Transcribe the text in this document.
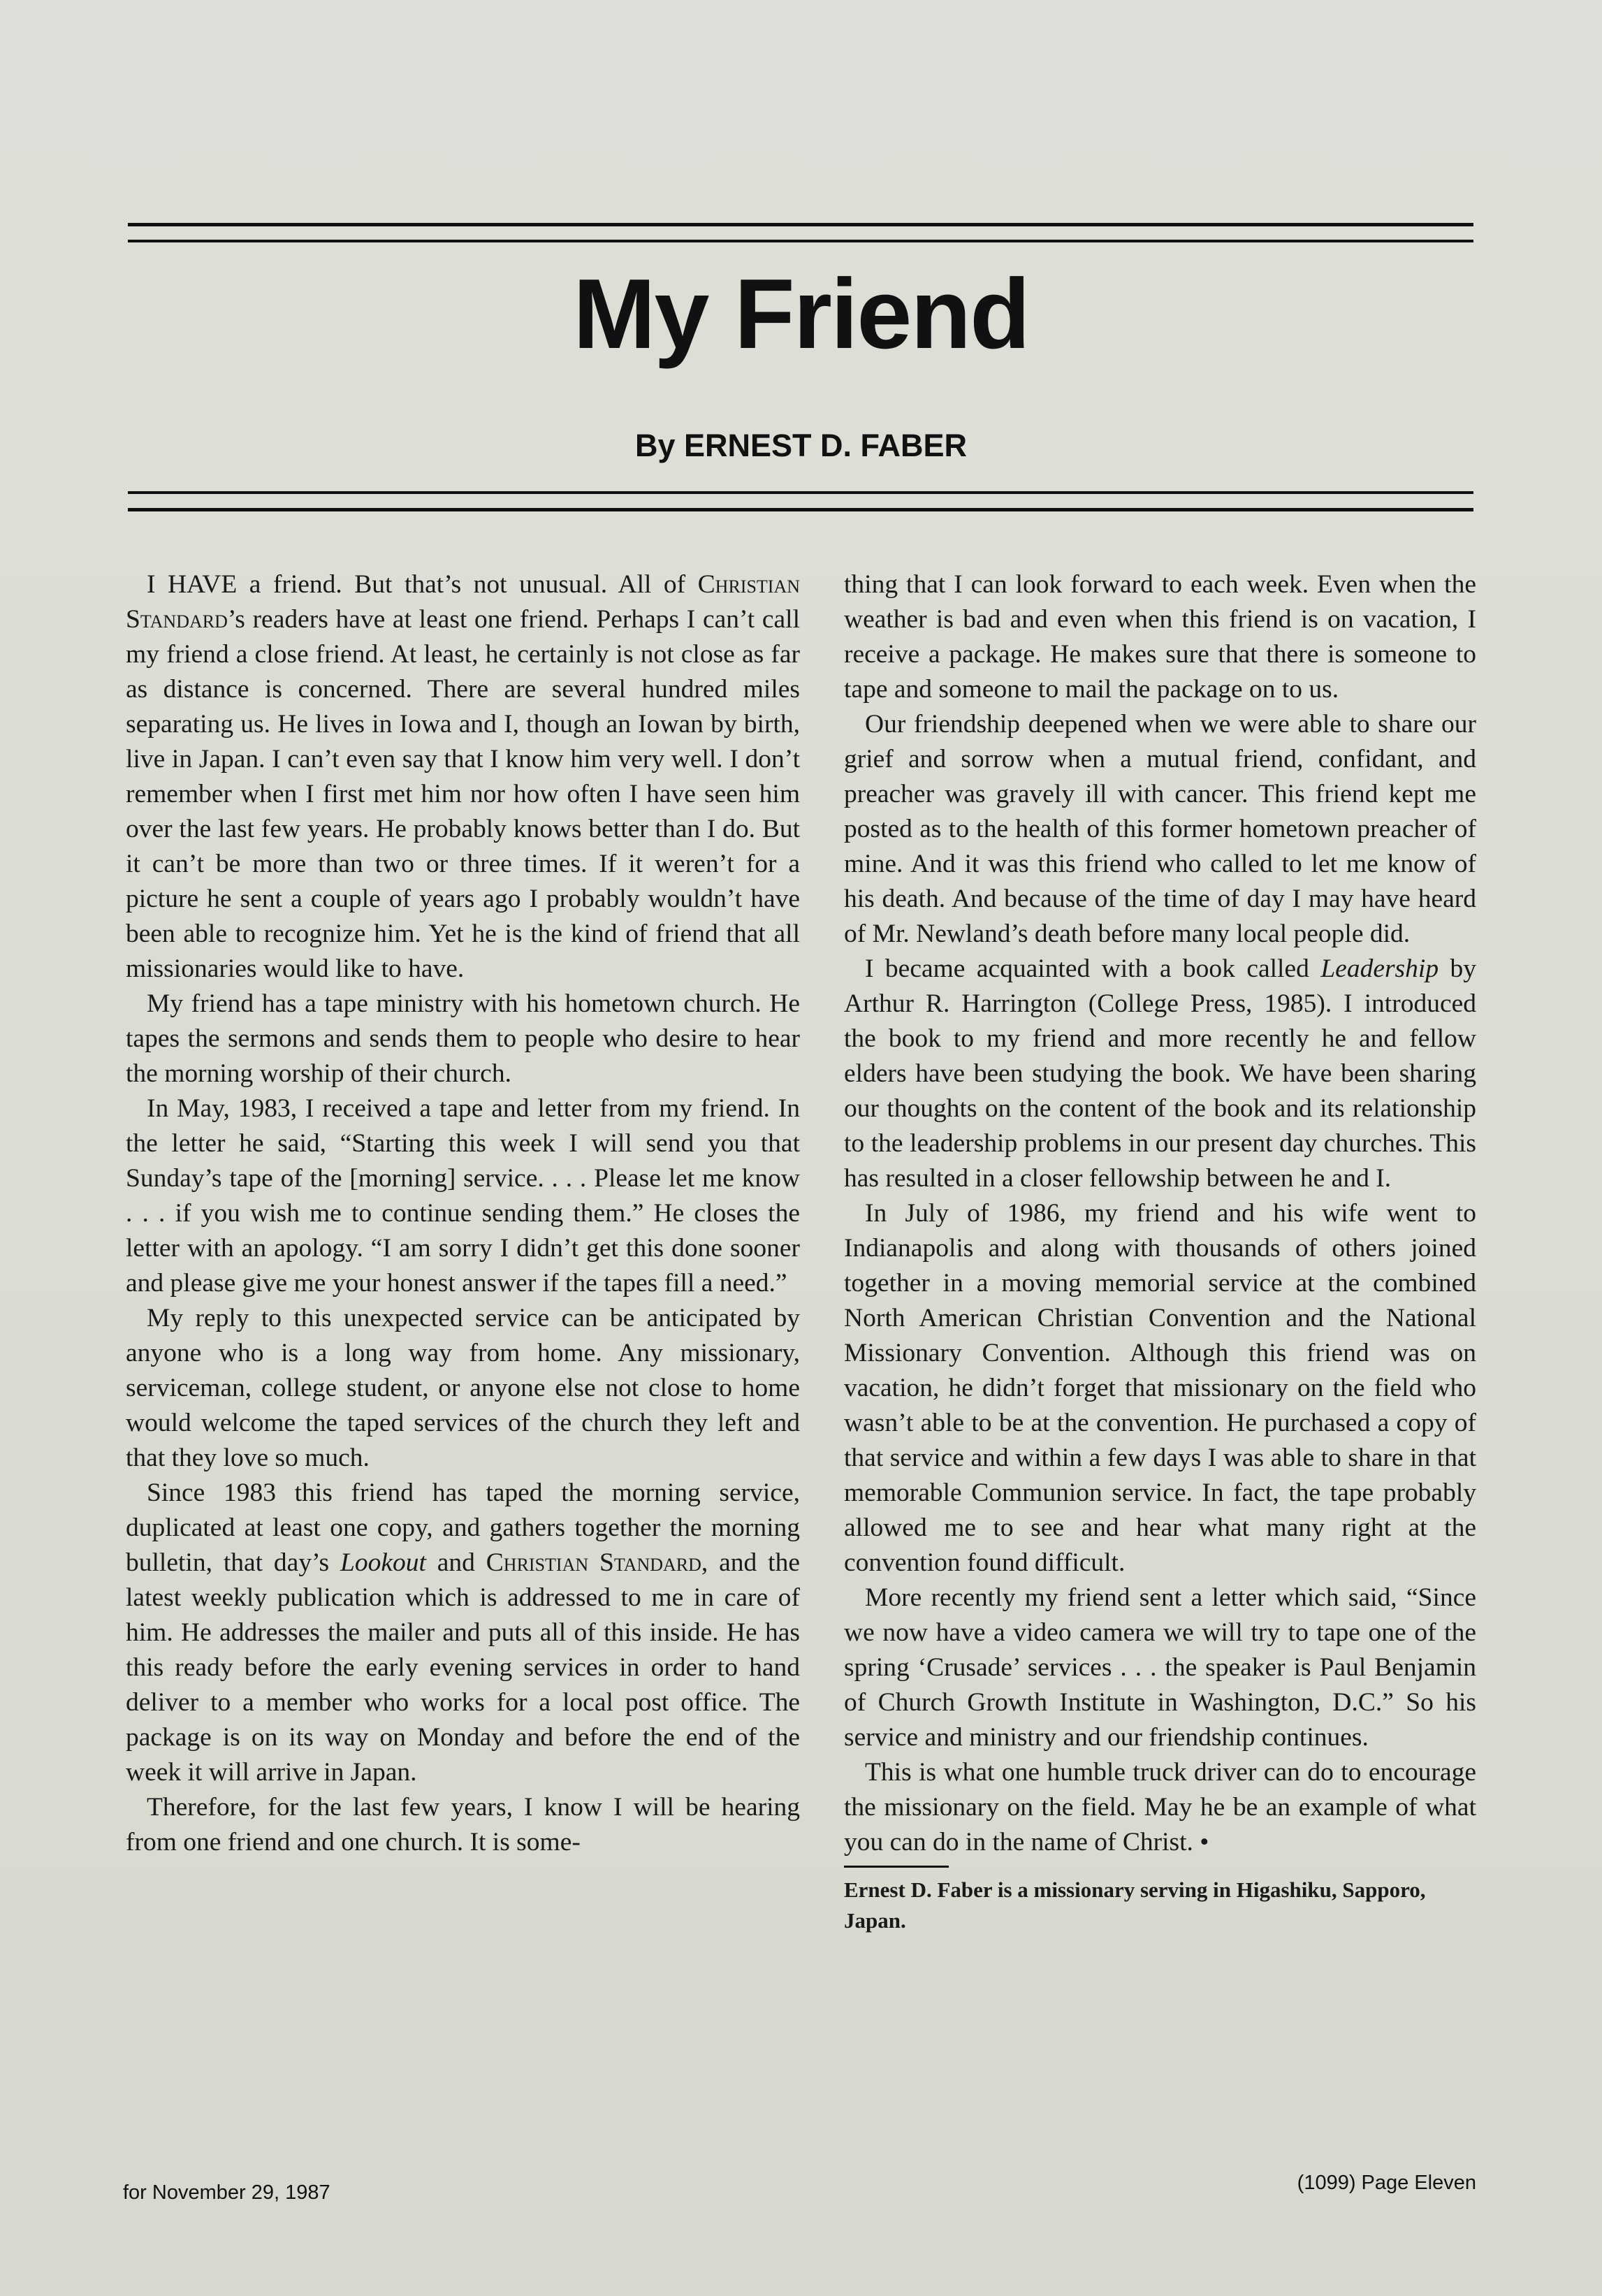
My Friend
By ERNEST D. FABER

I HAVE a friend. But that’s not unusual. All of Christian Standard’s readers have at least one friend. Perhaps I can’t call my friend a close friend. At least, he certainly is not close as far as distance is concerned. There are several hundred miles separating us. He lives in Iowa and I, though an Iowan by birth, live in Japan. I can’t even say that I know him very well. I don’t remember when I first met him nor how often I have seen him over the last few years. He probably knows better than I do. But it can’t be more than two or three times. If it weren’t for a picture he sent a couple of years ago I probably wouldn’t have been able to recognize him. Yet he is the kind of friend that all missionaries would like to have.

My friend has a tape ministry with his hometown church. He tapes the sermons and sends them to people who desire to hear the morning worship of their church.

In May, 1983, I received a tape and letter from my friend. In the letter he said, “Starting this week I will send you that Sunday’s tape of the [morning] service. . . . Please let me know . . . if you wish me to continue sending them.” He closes the letter with an apology. “I am sorry I didn’t get this done sooner and please give me your honest answer if the tapes fill a need.”

My reply to this unexpected service can be anticipated by anyone who is a long way from home. Any missionary, serviceman, college student, or anyone else not close to home would welcome the taped services of the church they left and that they love so much.

Since 1983 this friend has taped the morning service, duplicated at least one copy, and gathers together the morning bulletin, that day’s Lookout and Christian Standard, and the latest weekly publication which is addressed to me in care of him. He addresses the mailer and puts all of this inside. He has this ready before the early evening services in order to hand deliver to a member who works for a local post office. The package is on its way on Monday and before the end of the week it will arrive in Japan.

Therefore, for the last few years, I know I will be hearing from one friend and one church. It is some-

thing that I can look forward to each week. Even when the weather is bad and even when this friend is on vacation, I receive a package. He makes sure that there is someone to tape and someone to mail the package on to us.

Our friendship deepened when we were able to share our grief and sorrow when a mutual friend, confidant, and preacher was gravely ill with cancer. This friend kept me posted as to the health of this former hometown preacher of mine. And it was this friend who called to let me know of his death. And because of the time of day I may have heard of Mr. Newland’s death before many local people did.

I became acquainted with a book called Leadership by Arthur R. Harrington (College Press, 1985). I introduced the book to my friend and more recently he and fellow elders have been studying the book. We have been sharing our thoughts on the content of the book and its relationship to the leadership problems in our present day churches. This has resulted in a closer fellowship between he and I.

In July of 1986, my friend and his wife went to Indianapolis and along with thousands of others joined together in a moving memorial service at the combined North American Christian Convention and the National Missionary Convention. Although this friend was on vacation, he didn’t forget that missionary on the field who wasn’t able to be at the convention. He purchased a copy of that service and within a few days I was able to share in that memorable Communion service. In fact, the tape probably allowed me to see and hear what many right at the convention found difficult.

More recently my friend sent a letter which said, “Since we now have a video camera we will try to tape one of the spring ‘Crusade’ services . . . the speaker is Paul Benjamin of Church Growth Institute in Washington, D.C.” So his service and ministry and our friendship continues.

This is what one humble truck driver can do to encourage the missionary on the field. May he be an example of what you can do in the name of Christ. •

Ernest D. Faber is a missionary serving in Higashiku, Sapporo, Japan.
for November 29, 1987	(1099) Page Eleven
